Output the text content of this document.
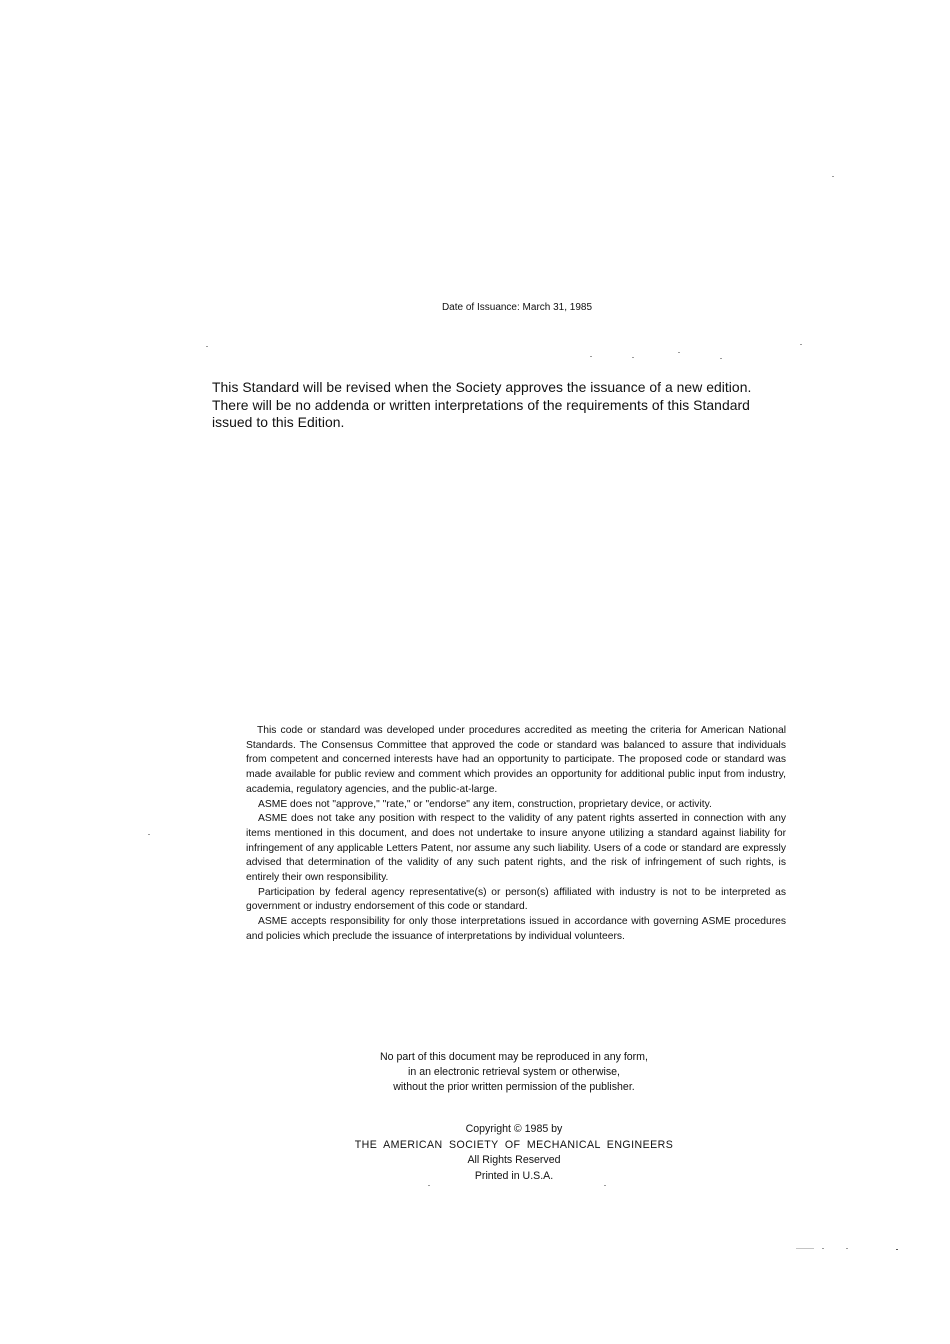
Date of Issuance: March 31, 1985

This Standard will be revised when the Society approves the issuance of a new edition.

There will be no addenda or written interpretations of the requirements of this Standard

issued to this Edition.

This code or standard was developed under procedures accredited as meeting the criteria for American National Standards. The Consensus Committee that approved the code or standard was balanced to assure that individuals from competent and concerned interests have had an opportunity to participate. The proposed code or standard was made available for public review and comment which provides an opportunity for additional public input from industry, academia, regulatory agencies, and the public-at-large.

ASME does not "approve," "rate," or "endorse" any item, construction, proprietary device, or activity.

ASME does not take any position with respect to the validity of any patent rights asserted in connection with any items mentioned in this document, and does not undertake to insure anyone utilizing a standard against liability for infringement of any applicable Letters Patent, nor assume any such liability. Users of a code or standard are expressly advised that determination of the validity of any such patent rights, and the risk of infringement of such rights, is entirely their own responsibility.

Participation by federal agency representative(s) or person(s) affiliated with industry is not to be interpreted as government or industry endorsement of this code or standard.

ASME accepts responsibility for only those interpretations issued in accordance with governing ASME procedures and policies which preclude the issuance of interpretations by individual volunteers.

No part of this document may be reproduced in any form,

in an electronic retrieval system or otherwise,

without the prior written permission of the publisher.

Copyright © 1985 by

THE AMERICAN SOCIETY OF MECHANICAL ENGINEERS

All Rights Reserved

Printed in U.S.A.
